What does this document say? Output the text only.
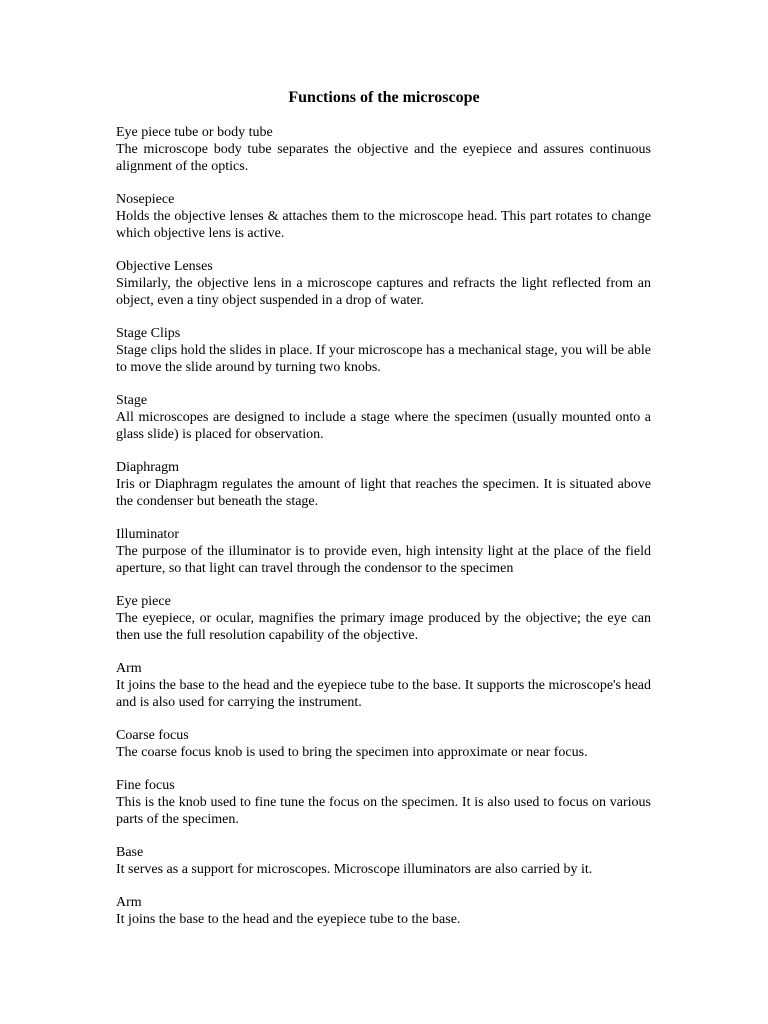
Functions of the microscope

Eye piece tube or body tube

The microscope body tube separates the objective and the eyepiece and assures continuous alignment of the optics.

Nosepiece

Holds the objective lenses & attaches them to the microscope head. This part rotates to change which objective lens is active.

Objective Lenses

Similarly, the objective lens in a microscope captures and refracts the light reflected from an object, even a tiny object suspended in a drop of water.

Stage Clips

Stage clips hold the slides in place. If your microscope has a mechanical stage, you will be able to move the slide around by turning two knobs.

Stage

All microscopes are designed to include a stage where the specimen (usually mounted onto a glass slide) is placed for observation.

Diaphragm

Iris or Diaphragm regulates the amount of light that reaches the specimen. It is situated above the condenser but beneath the stage.

Illuminator

The purpose of the illuminator is to provide even, high intensity light at the place of the field aperture, so that light can travel through the condensor to the specimen

Eye piece

The eyepiece, or ocular, magnifies the primary image produced by the objective; the eye can then use the full resolution capability of the objective.

Arm

It joins the base to the head and the eyepiece tube to the base. It supports the microscope's head and is also used for carrying the instrument.

Coarse focus

The coarse focus knob is used to bring the specimen into approximate or near focus.

Fine focus

This is the knob used to fine tune the focus on the specimen. It is also used to focus on various parts of the specimen.

Base

It serves as a support for microscopes. Microscope illuminators are also carried by it.

Arm

It joins the base to the head and the eyepiece tube to the base.
